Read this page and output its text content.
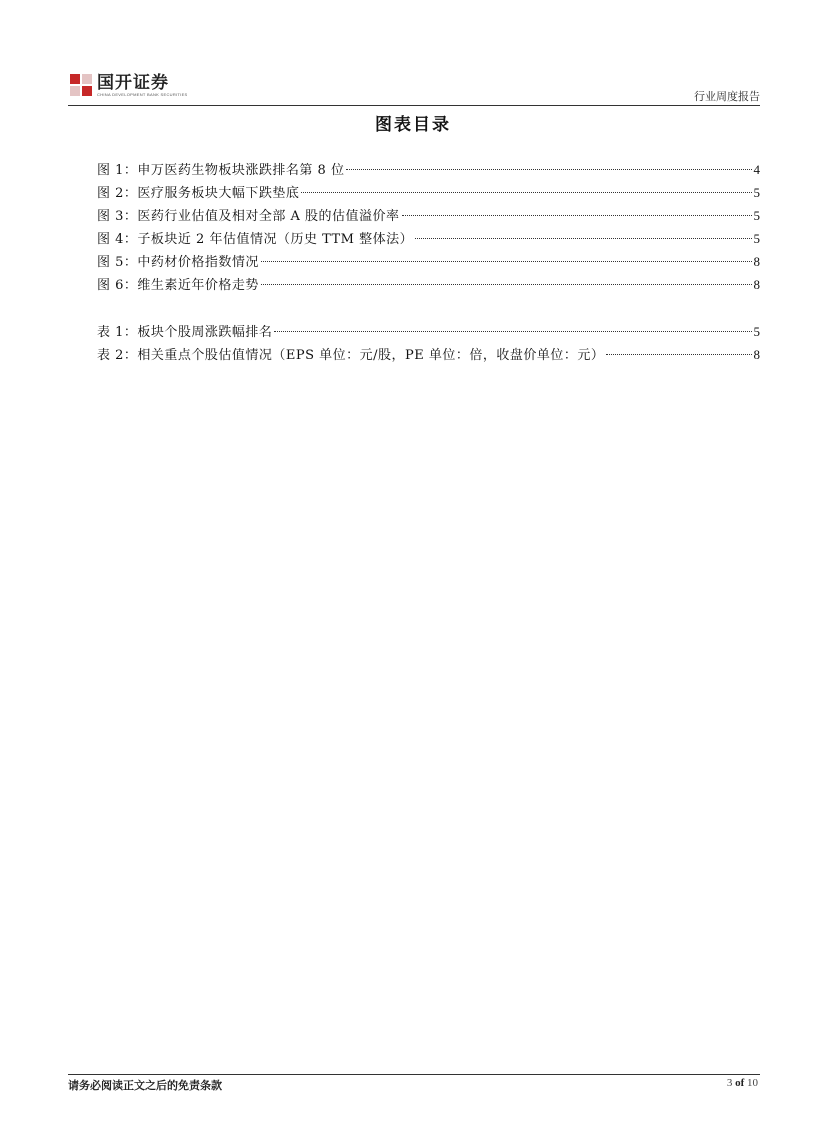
国开证券
CHINA DEVELOPMENT BANK SECURITIES	行业周度报告
图表目录
图 1：申万医药生物板块涨跌排名第 8 位	4
图 2：医疗服务板块大幅下跌垫底	5
图 3：医药行业估值及相对全部 A 股的估值溢价率	5
图 4：子板块近 2 年估值情况（历史 TTM 整体法）	5
图 5：中药材价格指数情况	8
图 6：维生素近年价格走势	8
表 1：板块个股周涨跌幅排名	5
表 2：相关重点个股估值情况（EPS 单位：元/股，PE 单位：倍，收盘价单位：元）	8
请务必阅读正文之后的免责条款	3 of 10
